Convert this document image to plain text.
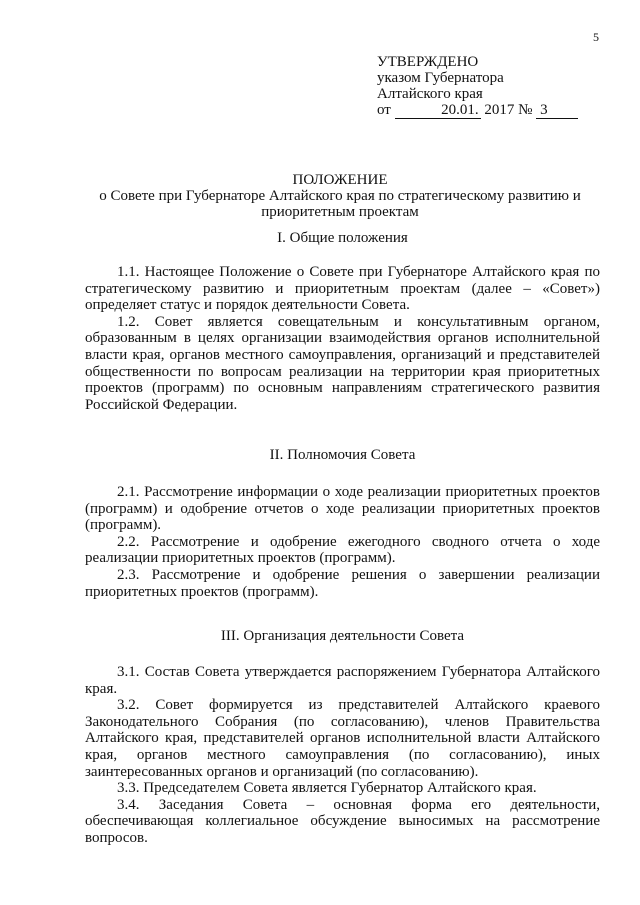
5
УТВЕРЖДЕНО
указом Губернатора
Алтайского края
от	20.01. 2017 № 3
ПОЛОЖЕНИЕ
о Совете при Губернаторе Алтайского края по стратегическому развитию и приоритетным проектам
I. Общие положения

1.1. Настоящее Положение о Совете при Губернаторе Алтайского края по стратегическому развитию и приоритетным проектам (далее – «Совет») определяет статус и порядок деятельности Совета.

1.2. Совет является совещательным и консультативным органом, образованным в целях организации взаимодействия органов исполнительной власти края, органов местного самоуправления, организаций и представителей общественности по вопросам реализации на территории края приоритетных проектов (программ) по основным направлениям стратегического развития Российской Федерации.

II. Полномочия Совета

2.1. Рассмотрение информации о ходе реализации приоритетных проектов (программ) и одобрение отчетов о ходе реализации приоритетных проектов (программ).

2.2. Рассмотрение и одобрение ежегодного сводного отчета о ходе реализации приоритетных проектов (программ).

2.3. Рассмотрение и одобрение решения о завершении реализации приоритетных проектов (программ).

III. Организация деятельности Совета

3.1. Состав Совета утверждается распоряжением Губернатора Алтайского края.

3.2. Совет формируется из представителей Алтайского краевого Законодательного Собрания (по согласованию), членов Правительства Алтайского края, представителей органов исполнительной власти Алтайского края, органов местного самоуправления (по согласованию), иных заинтересованных органов и организаций (по согласованию).

3.3. Председателем Совета является Губернатор Алтайского края.

3.4. Заседания Совета – основная форма его деятельности, обеспечивающая коллегиальное обсуждение выносимых на рассмотрение вопросов.
